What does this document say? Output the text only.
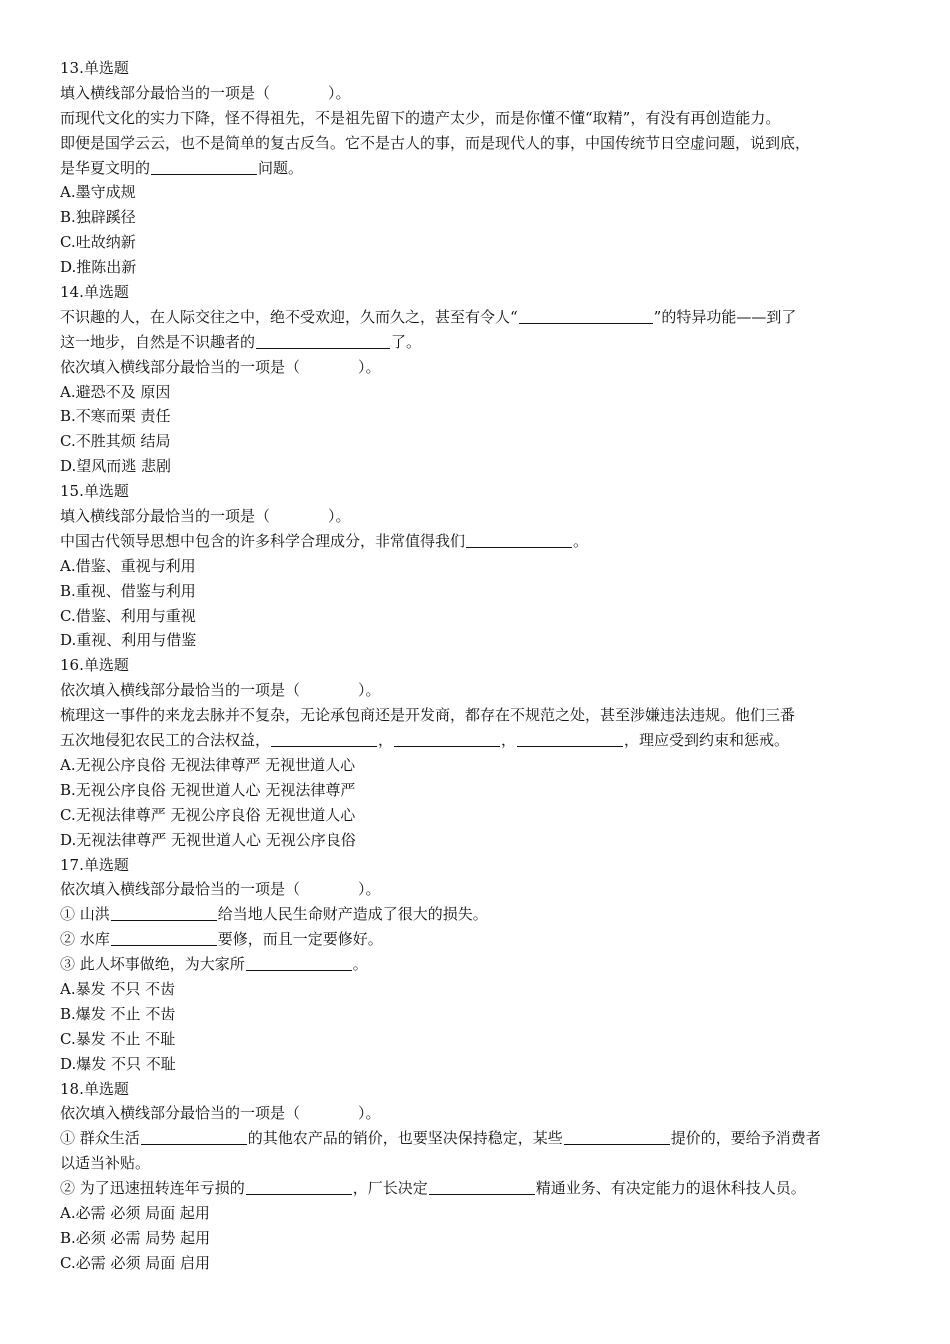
13.单选题
填入横线部分最恰当的一项是（	）。
而现代文化的实力下降，怪不得祖先，不是祖先留下的遗产太少，而是你懂不懂“取精”，有没有再创造能力。
即便是国学云云，也不是简单的复古反刍。它不是古人的事，而是现代人的事，中国传统节日空虚问题，说到底，
是华夏文明的	问题。
A.墨守成规
B.独辟蹊径
C.吐故纳新
D.推陈出新
14.单选题
不识趣的人，在人际交往之中，绝不受欢迎，久而久之，甚至有令人“	”的特异功能——到了
这一地步，自然是不识趣者的	了。
依次填入横线部分最恰当的一项是（	）。
A.避恐不及 原因
B.不寒而栗 责任
C.不胜其烦 结局
D.望风而逃 悲剧
15.单选题
填入横线部分最恰当的一项是（	）。
中国古代领导思想中包含的许多科学合理成分，非常值得我们	。
A.借鉴、重视与利用
B.重视、借鉴与利用
C.借鉴、利用与重视
D.重视、利用与借鉴
16.单选题
依次填入横线部分最恰当的一项是（	）。
梳理这一事件的来龙去脉并不复杂，无论承包商还是开发商，都存在不规范之处，甚至涉嫌违法违规。他们三番
五次地侵犯农民工的合法权益，	，	，	，理应受到约束和惩戒。
A.无视公序良俗 无视法律尊严 无视世道人心
B.无视公序良俗 无视世道人心 无视法律尊严
C.无视法律尊严 无视公序良俗 无视世道人心
D.无视法律尊严 无视世道人心 无视公序良俗
17.单选题
依次填入横线部分最恰当的一项是（	）。
① 山洪	给当地人民生命财产造成了很大的损失。
② 水库	要修，而且一定要修好。
③ 此人坏事做绝，为大家所	。
A.暴发 不只 不齿
B.爆发 不止 不齿
C.暴发 不止 不耻
D.爆发 不只 不耻
18.单选题
依次填入横线部分最恰当的一项是（	）。
① 群众生活	的其他农产品的销价，也要坚决保持稳定，某些	提价的，要给予消费者
以适当补贴。
② 为了迅速扭转连年亏损的	，厂长决定	精通业务、有决定能力的退休科技人员。
A.必需 必须 局面 起用
B.必须 必需 局势 起用
C.必需 必须 局面 启用
